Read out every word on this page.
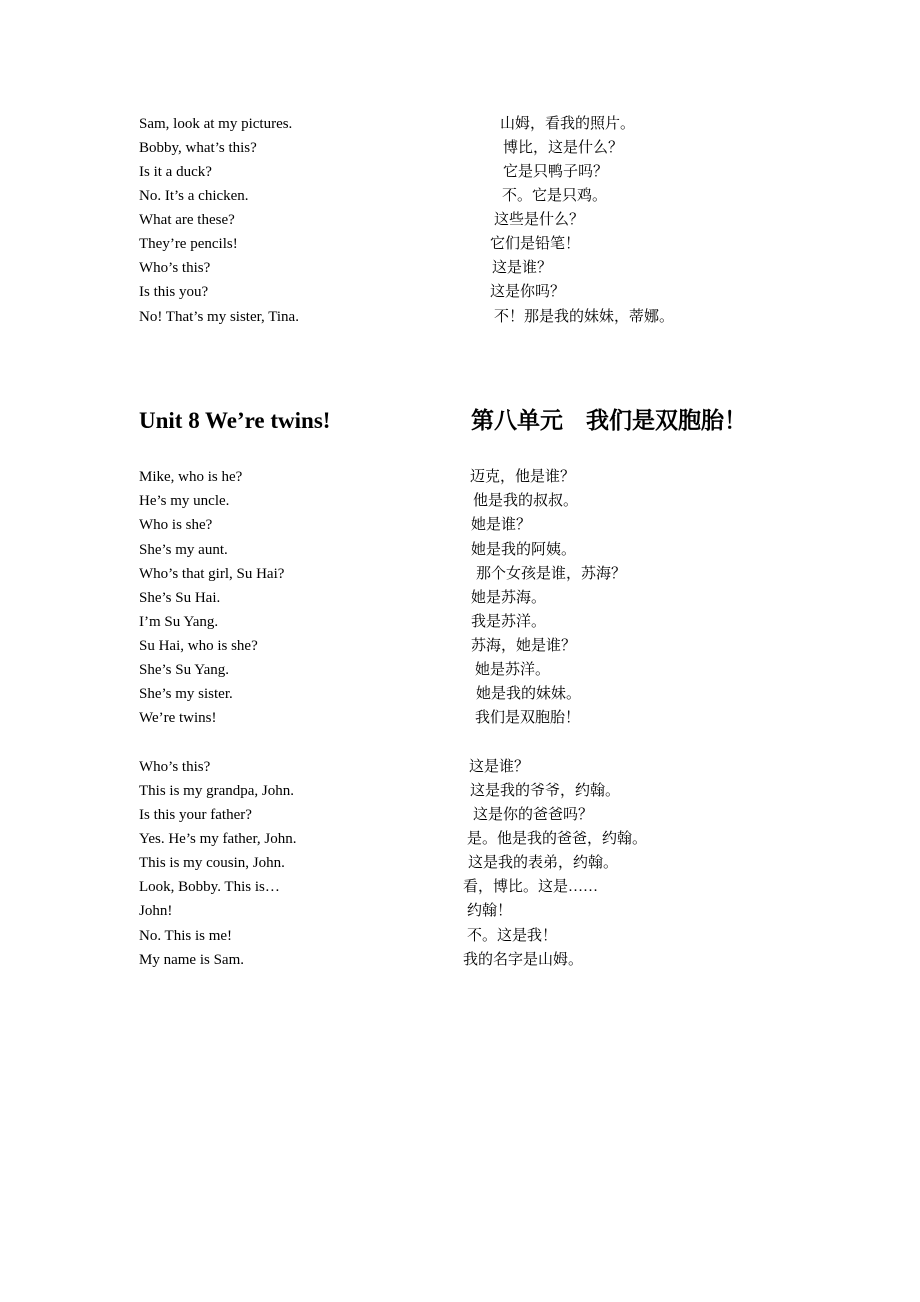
Sam, look at my pictures.	山姆，看我的照片。
Bobby, what’s this?	博比，这是什么？
Is it a duck?	它是只鸭子吗？
No. It’s a chicken.	不。它是只鸡。
What are these?	这些是什么？
They’re pencils!	它们是铅笔！
Who’s this?	这是谁？
Is this you?	这是你吗？
No! That’s my sister, Tina.	不！那是我的妹妹，蒂娜。
Unit 8 We’re twins!	第八单元　我们是双胞胎！
Mike, who is he?	迈克，他是谁？
He’s my uncle.	他是我的叔叔。
Who is she?	她是谁？
She’s my aunt.	她是我的阿姨。
Who’s that girl, Su Hai?	那个女孩是谁，苏海？
She’s Su Hai.	她是苏海。
I’m Su Yang.	我是苏洋。
Su Hai, who is she?	苏海，她是谁？
She’s Su Yang.	她是苏洋。
She’s my sister.	她是我的妹妹。
We’re twins!	我们是双胞胎！
Who’s this?	这是谁？
This is my grandpa, John.	这是我的爷爷，约翰。
Is this your father?	这是你的爸爸吗？
Yes. He’s my father, John.	是。他是我的爸爸，约翰。
This is my cousin, John.	这是我的表弟，约翰。
Look, Bobby. This is…	看，博比。这是……
John!	约翰！
No. This is me!	不。这是我！
My name is Sam.	我的名字是山姆。
